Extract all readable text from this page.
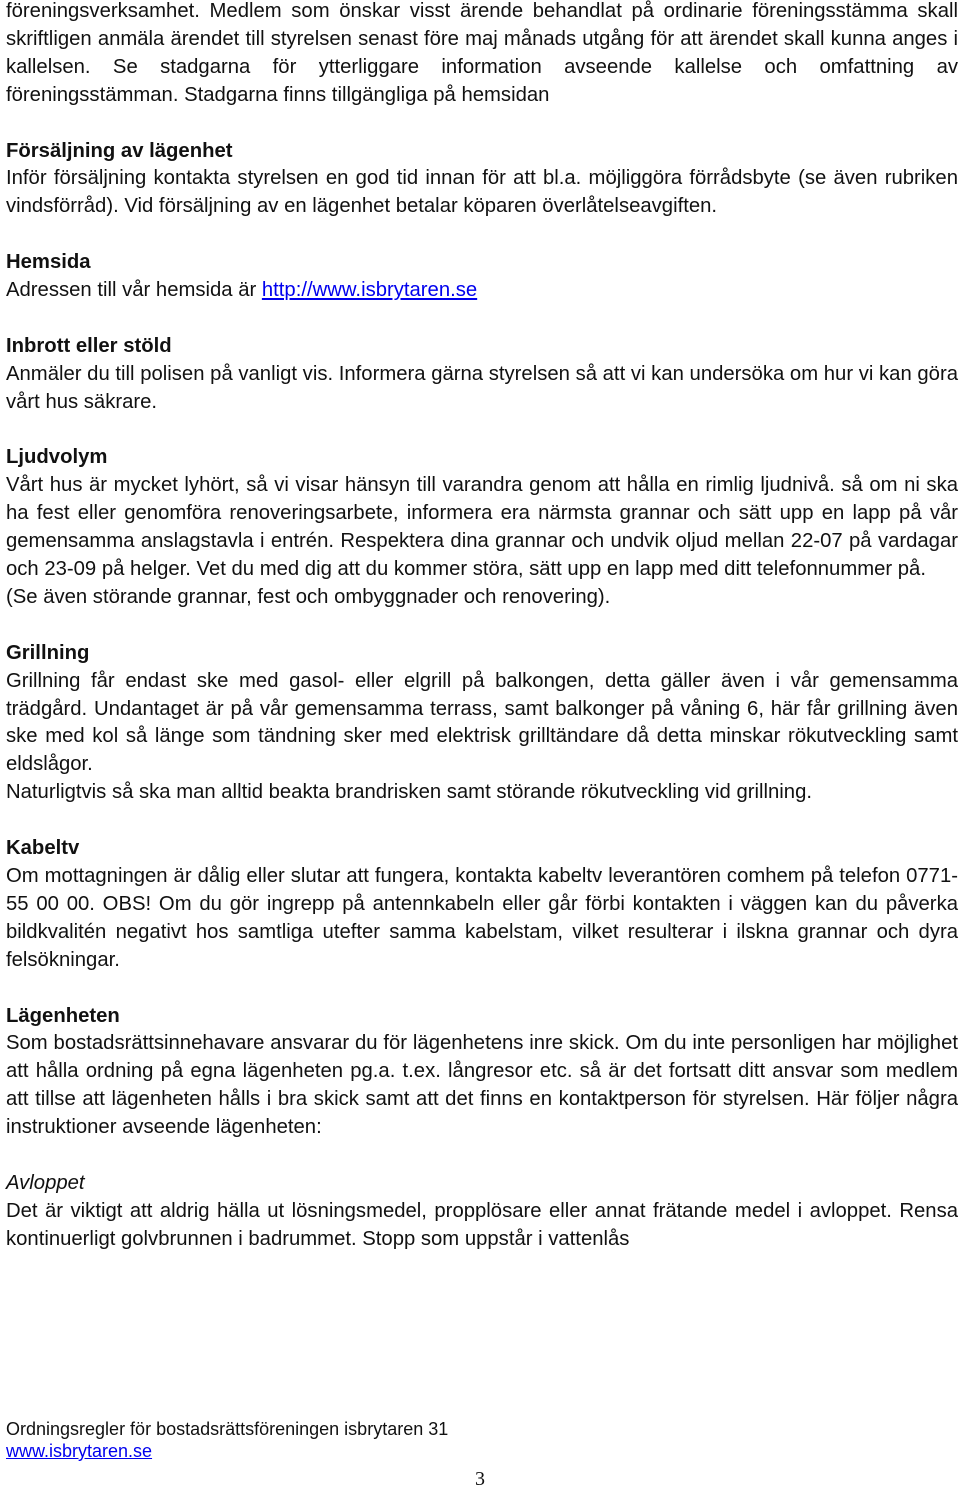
föreningsverksamhet. Medlem som önskar visst ärende behandlat på ordinarie föreningsstämma skall skriftligen anmäla ärendet till styrelsen senast före maj månads utgång för att ärendet skall kunna anges i kallelsen. Se stadgarna för ytterliggare information avseende kallelse och omfattning av föreningsstämman. Stadgarna finns tillgängliga på hemsidan

Försäljning av lägenhet

Inför försäljning kontakta styrelsen en god tid innan för att bl.a. möjliggöra förrådsbyte (se även rubriken vindsförråd). Vid försäljning av en lägenhet betalar köparen överlåtelseavgiften.

Hemsida

Adressen till vår hemsida är http://www.isbrytaren.se

Inbrott eller stöld

Anmäler du till polisen på vanligt vis. Informera gärna styrelsen så att vi kan undersöka om hur vi kan göra vårt hus säkrare.

Ljudvolym

Vårt hus är mycket lyhört, så vi visar hänsyn till varandra genom att hålla en rimlig ljudnivå. så om ni ska ha fest eller genomföra renoveringsarbete, informera era närmsta grannar och sätt upp en lapp på vår gemensamma anslagstavla i entrén. Respektera dina grannar och undvik oljud mellan 22-07 på vardagar och 23-09 på helger. Vet du med dig att du kommer störa, sätt upp en lapp med ditt telefonnummer på.

(Se även störande grannar, fest och ombyggnader och renovering).

Grillning

Grillning får endast ske med gasol- eller elgrill på balkongen, detta gäller även i vår gemensamma trädgård. Undantaget är på vår gemensamma terrass, samt balkonger på våning 6, här får grillning även ske med kol så länge som tändning sker med elektrisk grilltändare då detta minskar rökutveckling samt eldslågor.

Naturligtvis så ska man alltid beakta brandrisken samt störande rökutveckling vid grillning.

Kabeltv

Om mottagningen är dålig eller slutar att fungera, kontakta kabeltv leverantören comhem på telefon 0771-55 00 00. OBS! Om du gör ingrepp på antennkabeln eller går förbi kontakten i väggen kan du påverka bildkvalitén negativt hos samtliga utefter samma kabelstam, vilket resulterar i ilskna grannar och dyra felsökningar.

Lägenheten

Som bostadsrättsinnehavare ansvarar du för lägenhetens inre skick. Om du inte personligen har möjlighet att hålla ordning på egna lägenheten pg.a. t.ex. långresor etc. så är det fortsatt ditt ansvar som medlem att tillse att lägenheten hålls i bra skick samt att det finns en kontaktperson för styrelsen. Här följer några instruktioner avseende lägenheten:

Avloppet

Det är viktigt att aldrig hälla ut lösningsmedel, propplösare eller annat frätande medel i avloppet. Rensa kontinuerligt golvbrunnen i badrummet. Stopp som uppstår i vattenlås

Ordningsregler för bostadsrättsföreningen isbrytaren 31
www.isbrytaren.se
3
